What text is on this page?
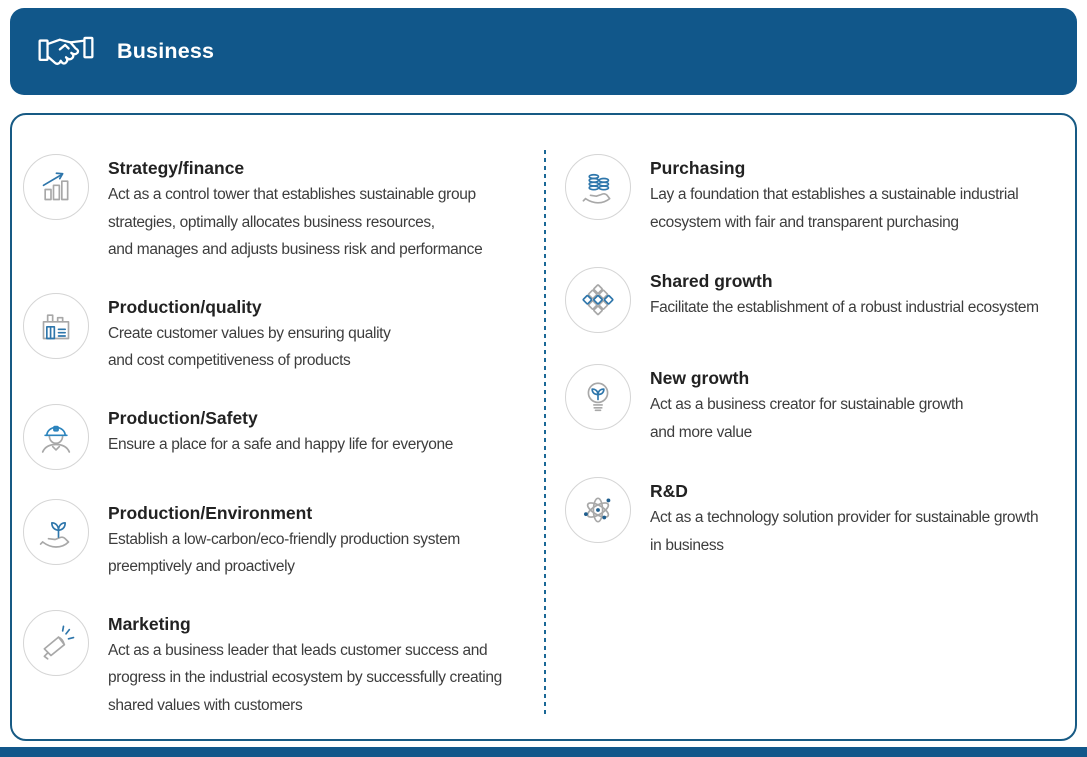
Business
Strategy/finance
Act as a control tower that establishes sustainable group
strategies, optimally allocates business resources,
and manages and adjusts business risk and performance
Production/quality
Create customer values by ensuring quality
and cost competitiveness of products
Production/Safety
Ensure a place for a safe and happy life for everyone
Production/Environment
Establish a low-carbon/eco-friendly production system
preemptively and proactively
Marketing
Act as a business leader that leads customer success and
progress in the industrial ecosystem by successfully creating
shared values with customers
Purchasing
Lay a foundation that establishes a sustainable industrial
ecosystem with fair and transparent purchasing
Shared growth
Facilitate the establishment of a robust industrial ecosystem
New growth
Act as a business creator for sustainable growth
and more value
R&D
Act as a technology solution provider for sustainable growth
in business
